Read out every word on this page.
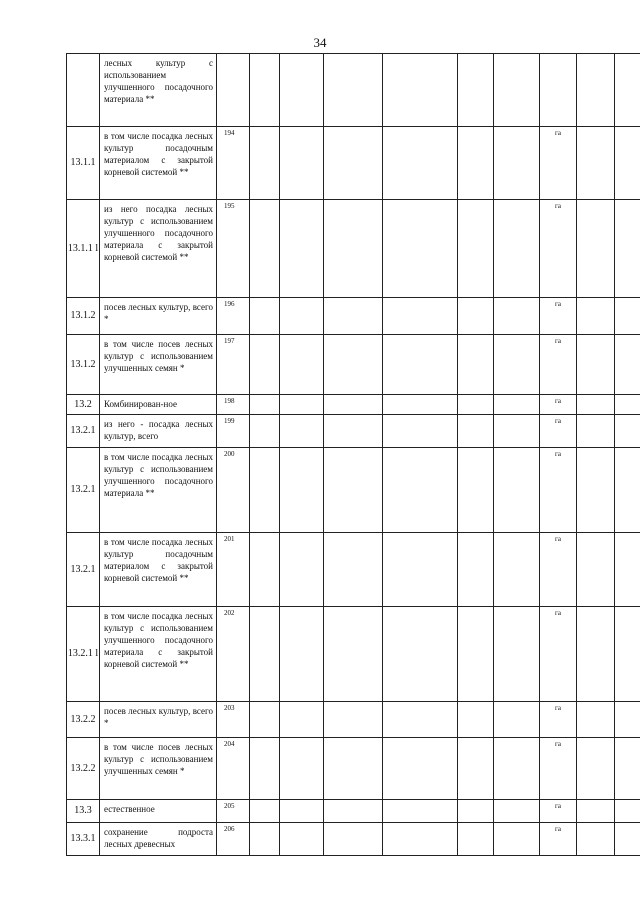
34
	лесных культур с использованием улучшенного посадочного материала **											
13.1.1	в том числе посадка лесных культур посадочным материалом с закрытой корневой системой **	194							га			
13.1.1 l	из него посадка лесных культур с использованием улучшенного посадочного материала с закрытой корневой системой **	195							га			
13.1.2	посев лесных культур, всего *	196							га			
13.1.2	в том числе посев лесных культур с использованием улучшенных семян *	197							га			
13.2	Комбинирован-ное	198							га			
13.2.1	из него - посадка лесных культур, всего	199							га			
13.2.1	в том числе посадка лесных культур с использованием улучшенного посадочного материала **	200							га			
13.2.1	в том числе посадка лесных культур посадочным материалом с закрытой корневой системой **	201							га			
13.2.1 l	в том числе посадка лесных культур с использованием улучшенного посадочного материала с закрытой корневой системой **	202							га			
13.2.2	посев лесных культур, всего *	203							га			
13.2.2	в том числе посев лесных культур с использованием улучшенных семян *	204							га			
13.3	естественное	205							га			
13.3.1	сохранение подроста лесных древесных	206							га			
